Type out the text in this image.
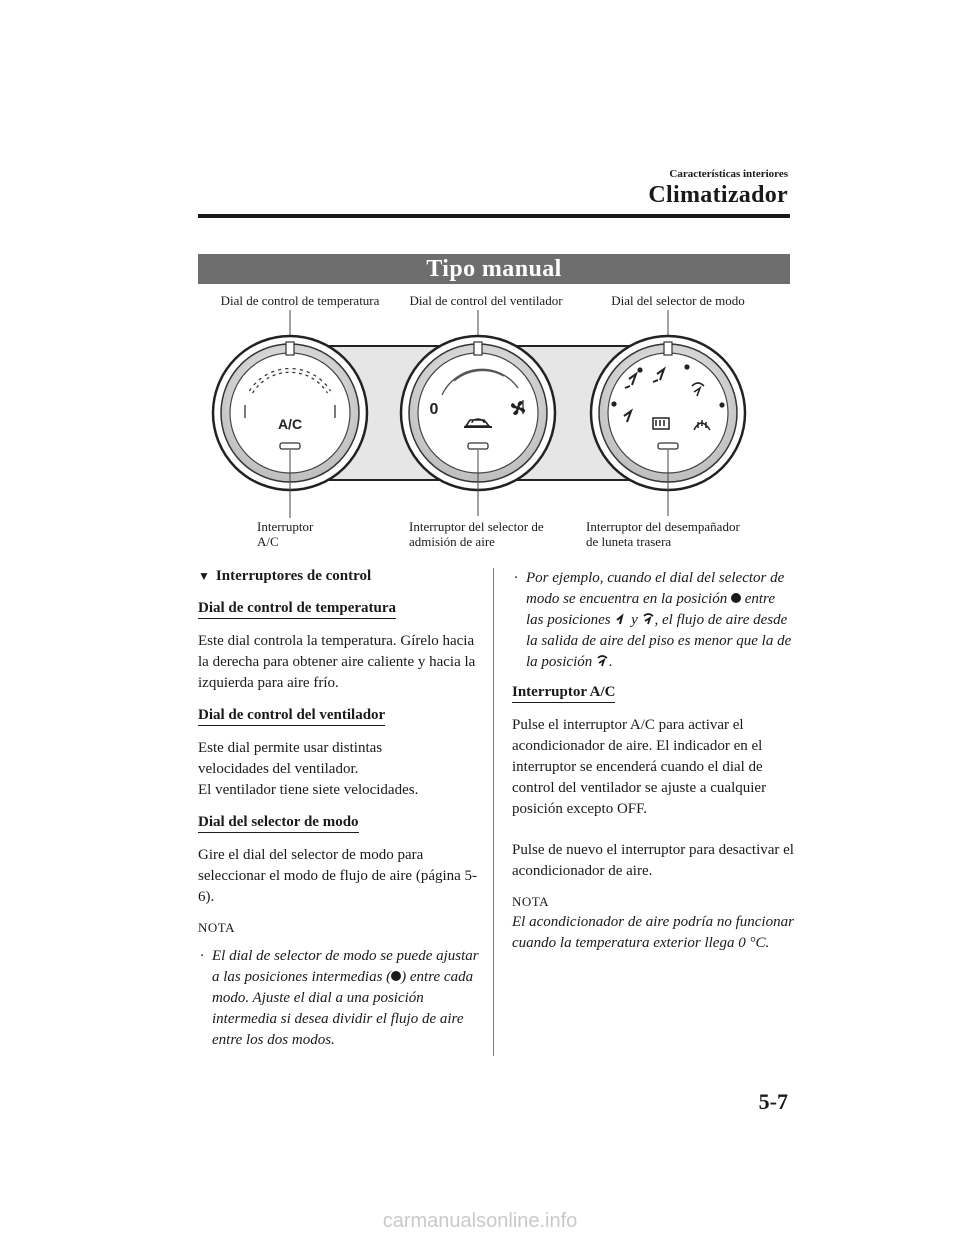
Características interiores
Climatizador
Tipo manual
Dial de control de temperatura Dial de control del ventilador	Dial del selector de modo
A/C
0
Interruptor
A/C
Interruptor del selector de
admisión de aire
Interruptor del desempañador
de luneta trasera
▼ Interruptores de control
Dial de control de temperatura

Este dial controla la temperatura. Gírelo hacia la derecha para obtener aire caliente y hacia la izquierda para aire frío.

Dial de control del ventilador

Este dial permite usar distintas
velocidades del ventilador.
El ventilador tiene siete velocidades.

Dial del selector de modo

Gire el dial del selector de modo para seleccionar el modo de flujo de aire (página 5-6).

NOTA
· El dial de selector de modo se puede ajustar a las posiciones intermedias ( ) entre cada modo. Ajuste el dial a una posición intermedia si desea dividir el flujo de aire entre los dos modos.
· Por ejemplo, cuando el dial del selector de modo se encuentra en la posición entre las posiciones y , el flujo de aire desde la salida de aire del piso es menor que la de la posición .
Interruptor A/C

Pulse el interruptor A/C para activar el acondicionador de aire. El indicador en el interruptor se encenderá cuando el dial de control del ventilador se ajuste a cualquier posición excepto OFF.

Pulse de nuevo el interruptor para desactivar el acondicionador de aire.

NOTA

El acondicionador de aire podría no funcionar cuando la temperatura exterior llega 0 °C.

5-7
carmanualsonline.info
